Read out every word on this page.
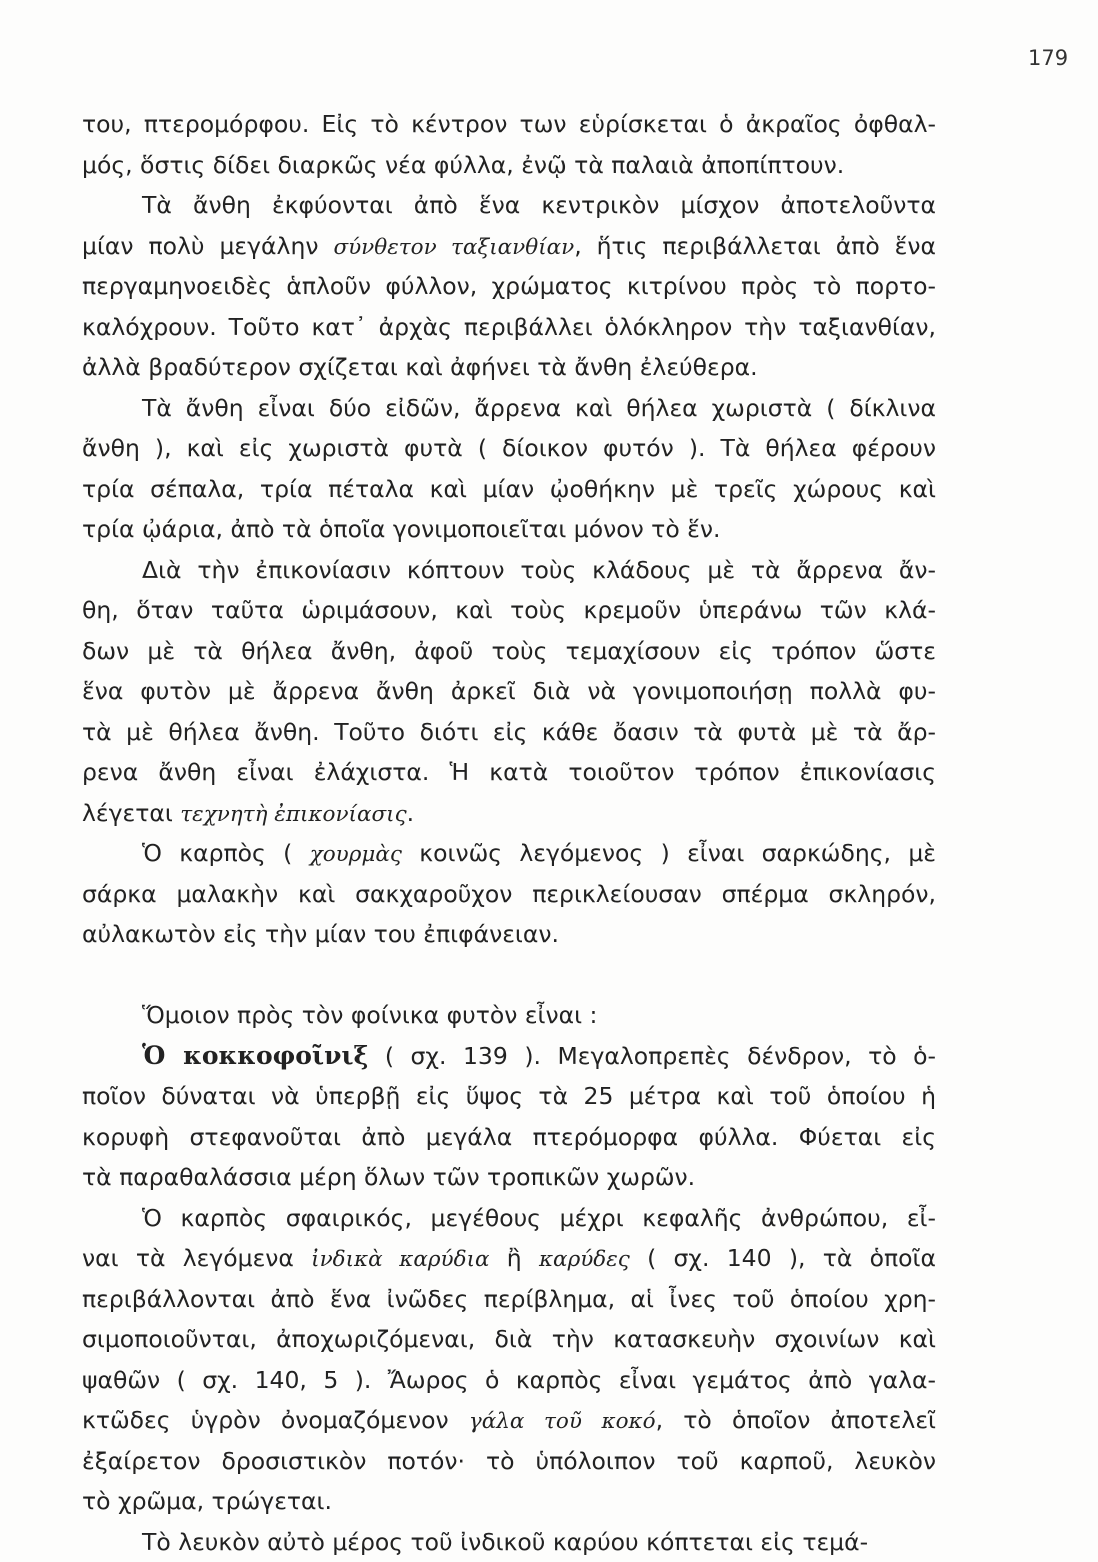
179
του, πτερομόρφου. Εἰς τὸ κέντρον των εὑρίσκεται ὁ ἀκραῖος ὀφθαλ-
μός, ὅστις δίδει διαρκῶς νέα φύλλα, ἐνῷ τὰ παλαιὰ ἀποπίπτουν.
Τὰ ἄνθη ἐκφύονται ἀπὸ ἕνα κεντρικὸν μίσχον ἀποτελοῦντα
μίαν πολὺ μεγάλην σύνθετον ταξιανθίαν, ἥτις περιβάλλεται ἀπὸ ἕνα
περγαμηνοειδὲς ἁπλοῦν φύλλον, χρώματος κιτρίνου πρὸς τὸ πορτο-
καλόχρουν. Τοῦτο κατ᾽ ἀρχὰς περιβάλλει ὁλόκληρον τὴν ταξιανθίαν,
ἀλλὰ βραδύτερον σχίζεται καὶ ἀφήνει τὰ ἄνθη ἐλεύθερα.
Τὰ ἄνθη εἶναι δύο εἰδῶν, ἄρρενα καὶ θήλεα χωριστὰ ( δίκλινα
ἄνθη ), καὶ εἰς χωριστὰ φυτὰ ( δίοικον φυτόν ). Τὰ θήλεα φέρουν
τρία σέπαλα, τρία πέταλα καὶ μίαν ᾠοθήκην μὲ τρεῖς χώρους καὶ
τρία ᾠάρια, ἀπὸ τὰ ὁποῖα γονιμοποιεῖται μόνον τὸ ἕν.
Διὰ τὴν ἐπικονίασιν κόπτουν τοὺς κλάδους μὲ τὰ ἄρρενα ἄν-
θη, ὅταν ταῦτα ὡριμάσουν, καὶ τοὺς κρεμοῦν ὑπεράνω τῶν κλά-
δων μὲ τὰ θήλεα ἄνθη, ἀφοῦ τοὺς τεμαχίσουν εἰς τρόπον ὥστε
ἕνα φυτὸν μὲ ἄρρενα ἄνθη ἀρκεῖ διὰ νὰ γονιμοποιήσῃ πολλὰ φυ-
τὰ μὲ θήλεα ἄνθη. Τοῦτο διότι εἰς κάθε ὄασιν τὰ φυτὰ μὲ τὰ ἄρ-
ρενα ἄνθη εἶναι ἐλάχιστα. Ἡ κατὰ τοιοῦτον τρόπον ἐπικονίασις
λέγεται τεχνητὴ ἐπικονίασις.
Ὁ καρπὸς ( χουρμὰς κοινῶς λεγόμενος ) εἶναι σαρκώδης, μὲ
σάρκα μαλακὴν καὶ σακχαροῦχον περικλείουσαν σπέρμα σκληρόν,
αὐλακωτὸν εἰς τὴν μίαν του ἐπιφάνειαν.
Ὅμοιον πρὸς τὸν φοίνικα φυτὸν εἶναι :
Ὁ κοκκοφοῖνιξ ( σχ. 139 ). Μεγαλοπρεπὲς δένδρον, τὸ ὁ-
ποῖον δύναται νὰ ὑπερβῇ εἰς ὕψος τὰ 25 μέτρα καὶ τοῦ ὁποίου ἡ
κορυφὴ στεφανοῦται ἀπὸ μεγάλα πτερόμορφα φύλλα. Φύεται εἰς
τὰ παραθαλάσσια μέρη ὅλων τῶν τροπικῶν χωρῶν.
Ὁ καρπὸς σφαιρικός, μεγέθους μέχρι κεφαλῆς ἀνθρώπου, εἶ-
ναι τὰ λεγόμενα ἰνδικὰ καρύδια ἢ καρύδες ( σχ. 140 ), τὰ ὁποῖα
περιβάλλονται ἀπὸ ἕνα ἰνῶδες περίβλημα, αἱ ἶνες τοῦ ὁποίου χρη-
σιμοποιοῦνται, ἀποχωριζόμεναι, διὰ τὴν κατασκευὴν σχοινίων καὶ
ψαθῶν ( σχ. 140, 5 ). Ἄωρος ὁ καρπὸς εἶναι γεμάτος ἀπὸ γαλα-
κτῶδες ὑγρὸν ὀνομαζόμενον γάλα τοῦ κοκό, τὸ ὁποῖον ἀποτελεῖ
ἐξαίρετον δροσιστικὸν ποτόν· τὸ ὑπόλοιπον τοῦ καρποῦ, λευκὸν
τὸ χρῶμα, τρώγεται.
Τὸ λευκὸν αὐτὸ μέρος τοῦ ἰνδικοῦ καρύου κόπτεται εἰς τεμά-
